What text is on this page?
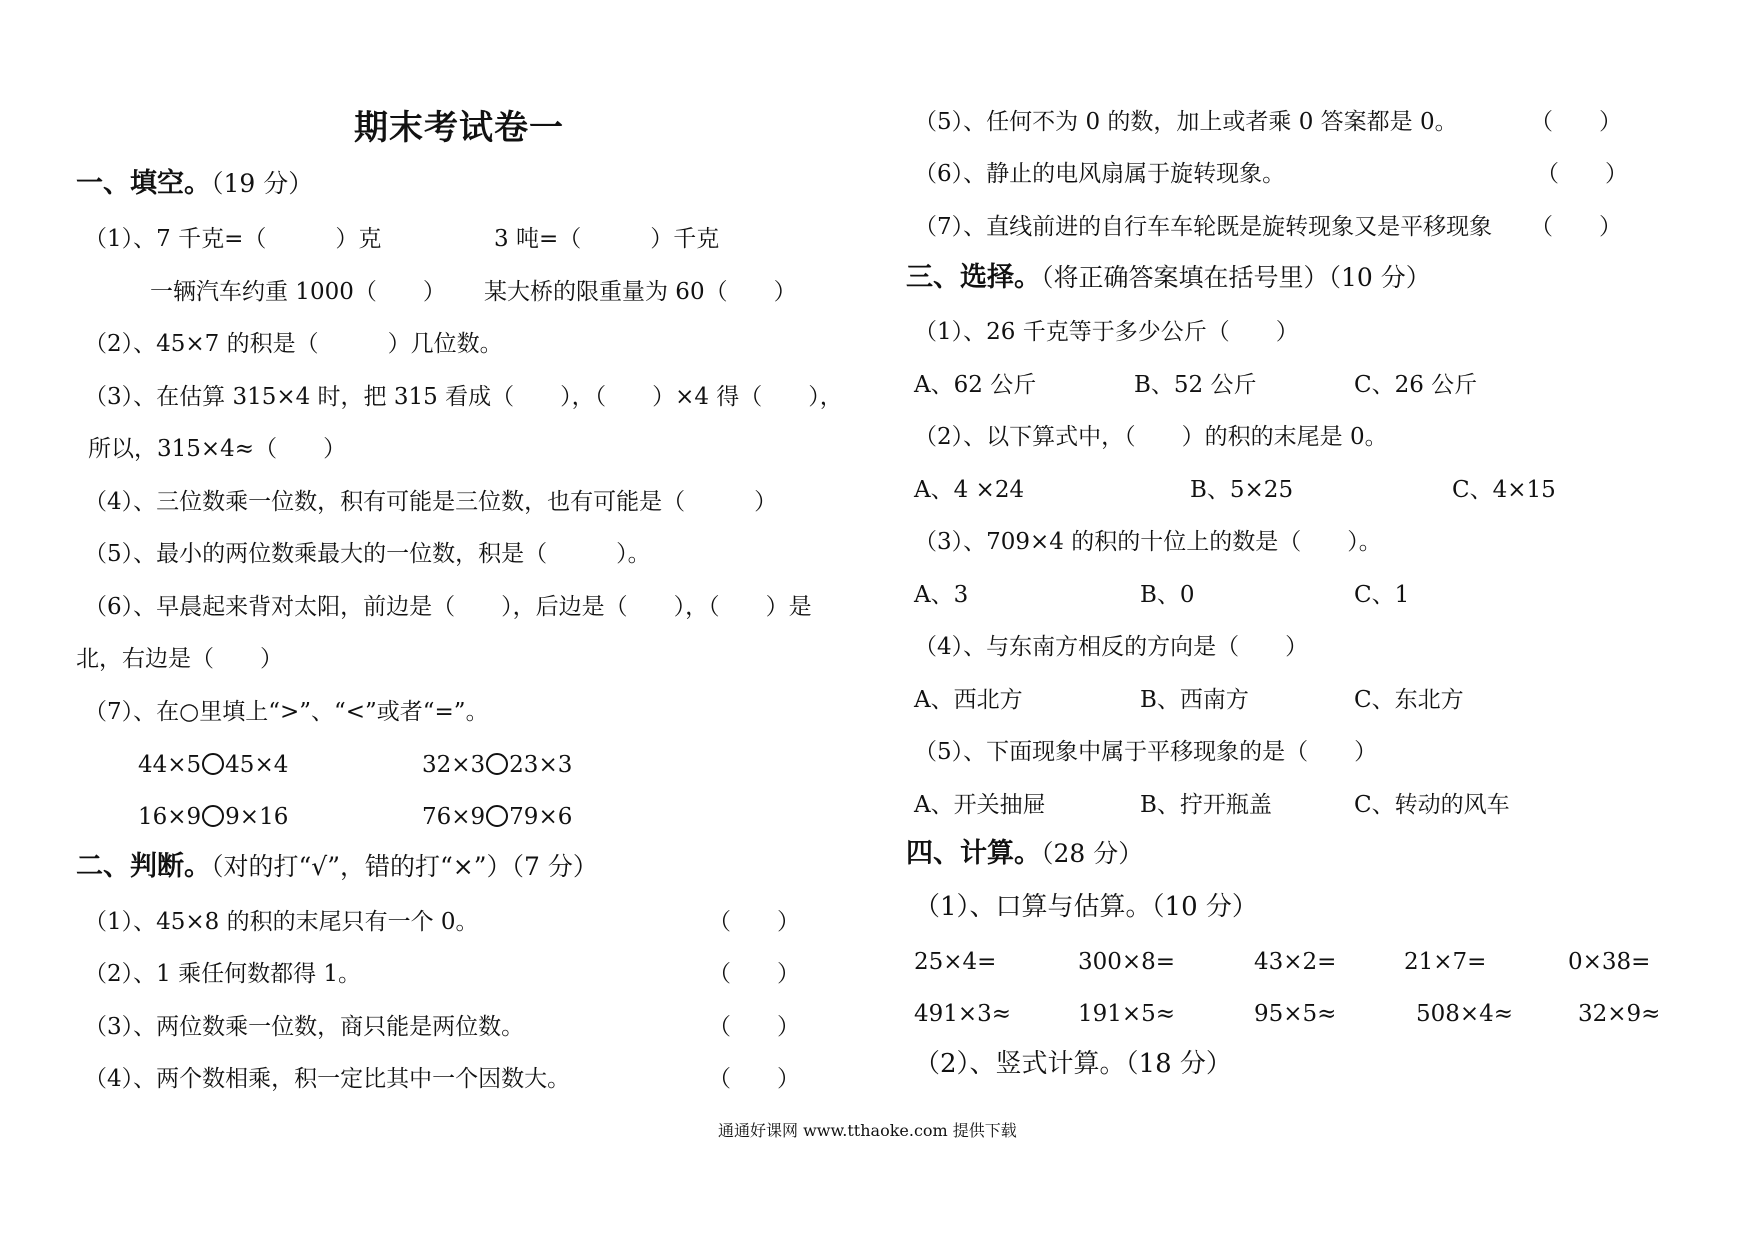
期末考试卷一
一、填空。（19 分）
（1）、7 千克=（　　　）克	3 吨=（　　　）千克
一辆汽车约重 1000（　　） 某大桥的限重量为 60（　　）
（2）、45×7 的积是（　　　）几位数。
（3）、在估算 315×4 时，把 315 看成（　　），（　　）×4 得（　　），
所以，315×4≈（　　）
（4）、三位数乘一位数，积有可能是三位数，也有可能是（　　　）
（5）、最小的两位数乘最大的一位数，积是（　　　）。
（6）、早晨起来背对太阳，前边是（　　），后边是（　　），（　　）是
北，右边是（　　）
（7）、在○里填上“>”、“<”或者“=”。
44×5 45×4	32×3 23×3
16×9 9×16	76×9 79×6
二、判断。（对的打“√”，错的打“×”）（7 分）
（1）、45×8 的积的末尾只有一个 0。	（　　）
（2）、1 乘任何数都得 1。	（　　）
（3）、两位数乘一位数，商只能是两位数。	（　　）
（4）、两个数相乘，积一定比其中一个因数大。	（　　）
（5）、任何不为 0 的数，加上或者乘 0 答案都是 0。	（　　）
（6）、静止的电风扇属于旋转现象。	（　　）
（7）、直线前进的自行车车轮既是旋转现象又是平移现象 （　　）
三、选择。（将正确答案填在括号里）（10 分）
（1）、26 千克等于多少公斤（　　）
A、62 公斤	B、52 公斤	C、26 公斤
（2）、以下算式中，（　　）的积的末尾是 0。
A、4 ×24	B、5×25	C、4×15
（3）、709×4 的积的十位上的数是（　　）。
A、3	B、0	C、1
（4）、与东南方相反的方向是（　　）
A、西北方	B、西南方	C、东北方
（5）、下面现象中属于平移现象的是（　　）
A、开关抽屉	B、拧开瓶盖	C、转动的风车
四、计算。（28 分）
（1）、口算与估算。（10 分）
25×4=	300×8=	43×2=	21×7=	0×38=
491×3≈	191×5≈	95×5≈	508×4≈	32×9≈
（2）、竖式计算。（18 分）
通通好课网 www.tthaoke.com 提供下载
